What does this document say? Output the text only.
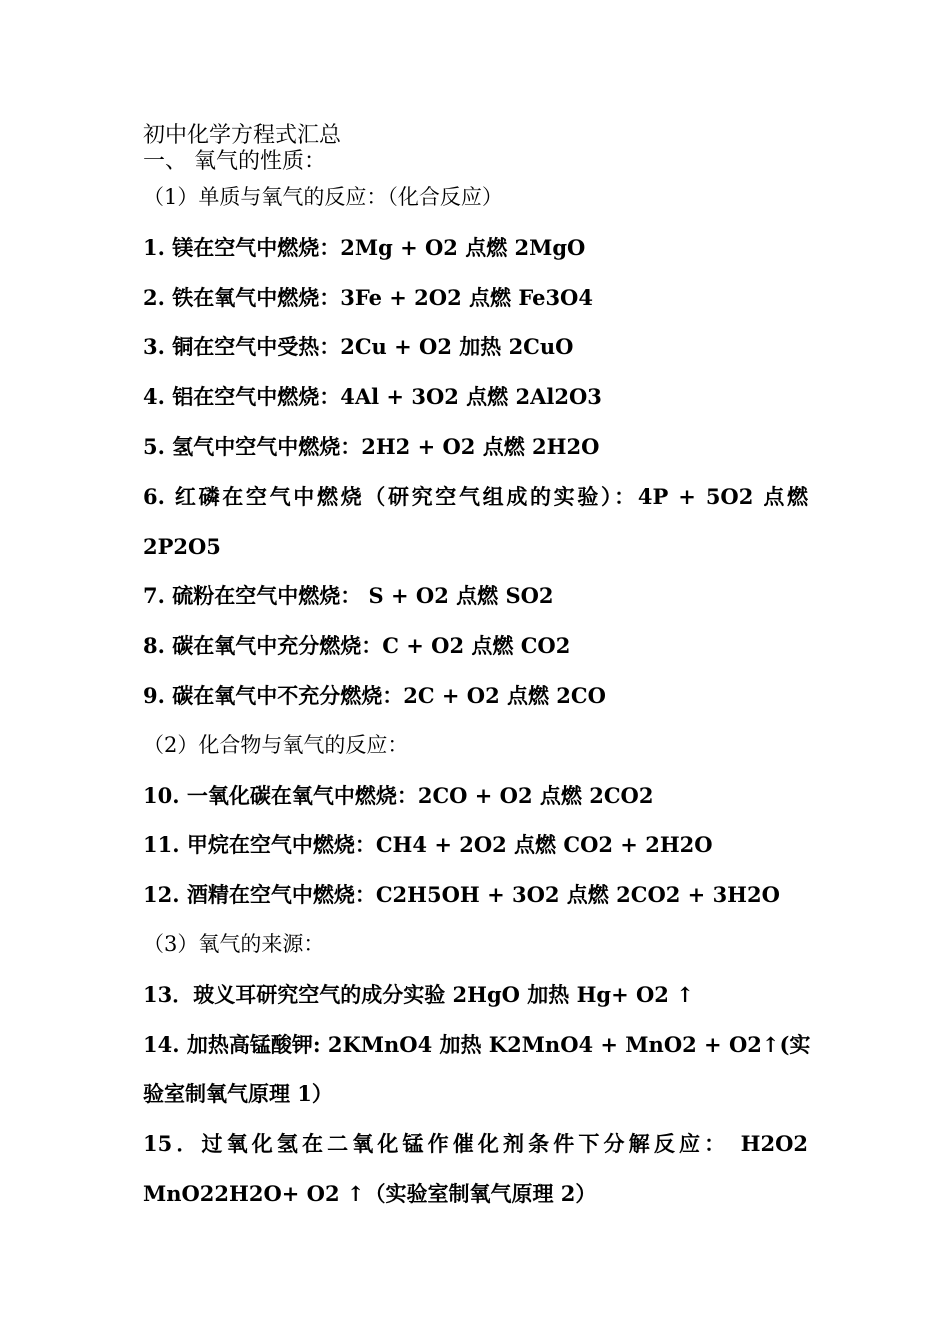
初中化学方程式汇总
一、 氧气的性质：
（1）单质与氧气的反应：（化合反应）
1. 镁在空气中燃烧：2Mg + O2 点燃 2MgO
2. 铁在氧气中燃烧：3Fe + 2O2 点燃 Fe3O4
3. 铜在空气中受热：2Cu + O2 加热 2CuO
4. 铝在空气中燃烧：4Al + 3O2 点燃 2Al2O3
5. 氢气中空气中燃烧：2H2 + O2 点燃 2H2O
6. 红磷在空气中燃烧（研究空气组成的实验）：4P + 5O2 点燃
2P2O5
7. 硫粉在空气中燃烧： S + O2 点燃 SO2
8. 碳在氧气中充分燃烧：C + O2 点燃 CO2
9. 碳在氧气中不充分燃烧：2C + O2 点燃 2CO
（2）化合物与氧气的反应：
10. 一氧化碳在氧气中燃烧：2CO + O2 点燃 2CO2
11. 甲烷在空气中燃烧：CH4 + 2O2 点燃 CO2 + 2H2O
12. 酒精在空气中燃烧：C2H5OH + 3O2 点燃 2CO2 + 3H2O
（3）氧气的来源：
13．玻义耳研究空气的成分实验 2HgO 加热 Hg+ O2 ↑
14. 加热高锰酸钾: 2KMnO4 加热 K2MnO4 + MnO2 + O2↑(实
验室制氧气原理 1）
15．过氧化氢在二氧化锰作催化剂条件下分解反应： H2O2
MnO22H2O+ O2 ↑（实验室制氧气原理 2）
